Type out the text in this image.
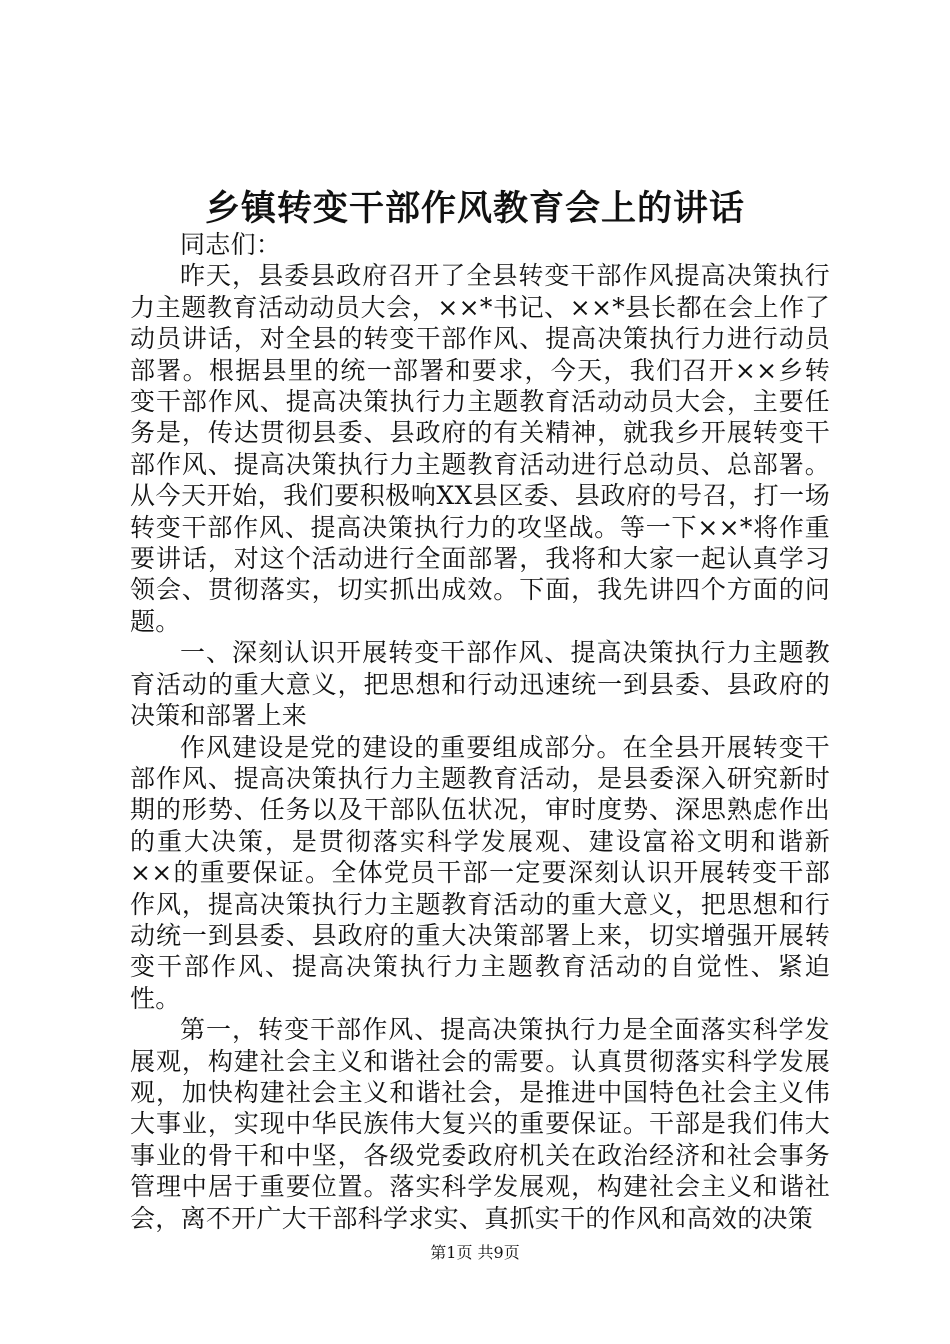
乡镇转变干部作风教育会上的讲话

同志们：

昨天，县委县政府召开了全县转变干部作风提高决策执行力主题教育活动动员大会，××*书记、××*县长都在会上作了动员讲话，对全县的转变干部作风、提高决策执行力进行动员部署。根据县里的统一部署和要求，今天，我们召开××乡转变干部作风、提高决策执行力主题教育活动动员大会，主要任务是，传达贯彻县委、县政府的有关精神，就我乡开展转变干部作风、提高决策执行力主题教育活动进行总动员、总部署。从今天开始，我们要积极响XX县区委、县政府的号召，打一场转变干部作风、提高决策执行力的攻坚战。等一下××*将作重要讲话，对这个活动进行全面部署，我将和大家一起认真学习领会、贯彻落实，切实抓出成效。下面，我先讲四个方面的问题。

一、深刻认识开展转变干部作风、提高决策执行力主题教育活动的重大意义，把思想和行动迅速统一到县委、县政府的决策和部署上来

作风建设是党的建设的重要组成部分。在全县开展转变干部作风、提高决策执行力主题教育活动，是县委深入研究新时期的形势、任务以及干部队伍状况，审时度势、深思熟虑作出的重大决策，是贯彻落实科学发展观、建设富裕文明和谐新××的重要保证。全体党员干部一定要深刻认识开展转变干部作风，提高决策执行力主题教育活动的重大意义，把思想和行动统一到县委、县政府的重大决策部署上来，切实增强开展转变干部作风、提高决策执行力主题教育活动的自觉性、紧迫性。

第一，转变干部作风、提高决策执行力是全面落实科学发展观，构建社会主义和谐社会的需要。认真贯彻落实科学发展观，加快构建社会主义和谐社会，是推进中国特色社会主义伟大事业，实现中华民族伟大复兴的重要保证。干部是我们伟大事业的骨干和中坚，各级党委政府机关在政治经济和社会事务管理中居于重要位置。落实科学发展观，构建社会主义和谐社会，离不开广大干部科学求实、真抓实干的作风和高效的决策

第1页 共9页
